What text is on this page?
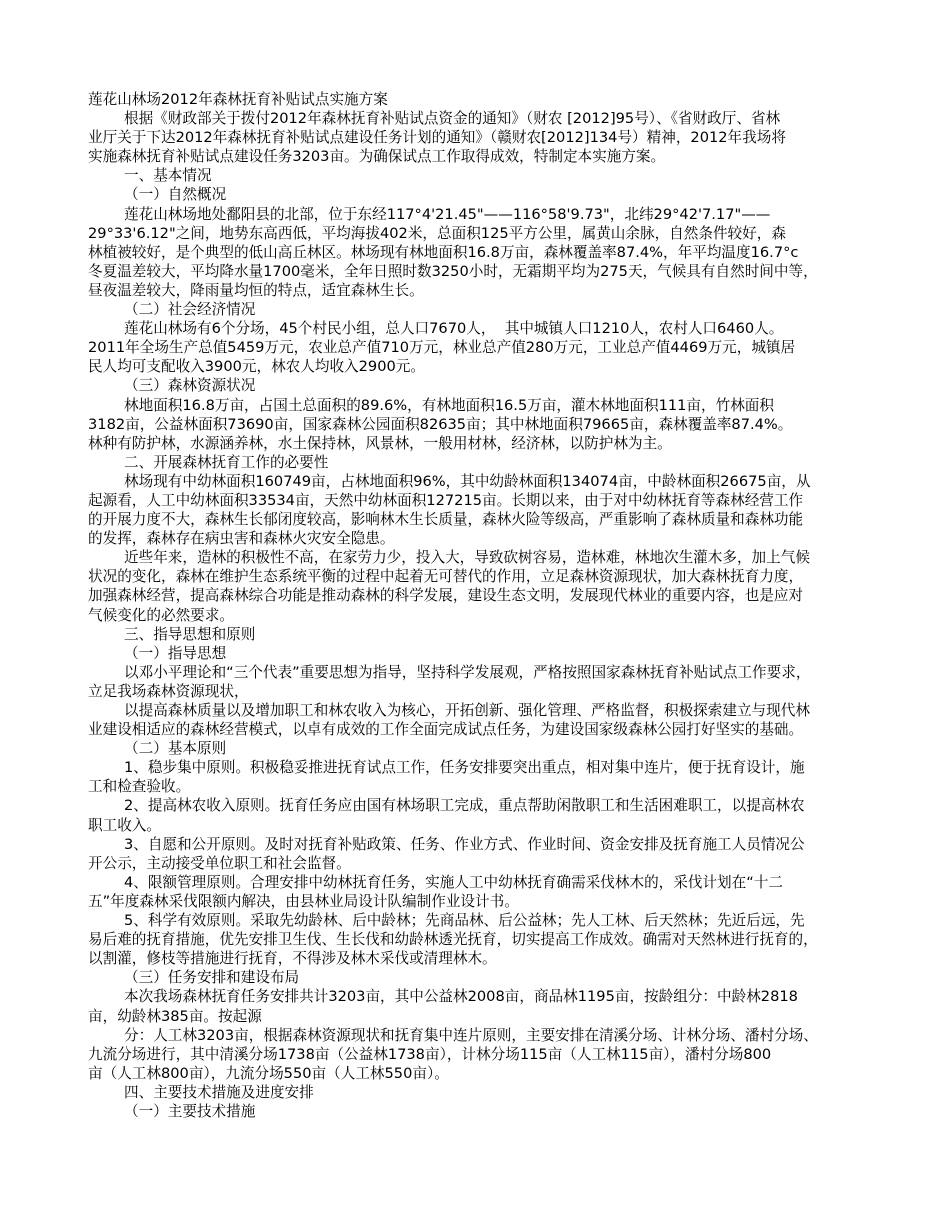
莲花山林场2012年森林抚育补贴试点实施方案
根据《财政部关于拨付2012年森林抚育补贴试点资金的通知》（财农 [2012]95号）、《省财政厅、省林
业厅关于下达2012年森林抚育补贴试点建设任务计划的通知》（赣财农[2012]134号）精神，2012年我场将
实施森林抚育补贴试点建设任务3203亩。为确保试点工作取得成效，特制定本实施方案。
一、基本情况
（一）自然概况
莲花山林场地处鄱阳县的北部，位于东经117°4'21.45"——116°58'9.73"，北纬29°42'7.17"——
29°33'6.12"之间，地势东高西低，平均海拔402米，总面积125平方公里，属黄山余脉，自然条件较好，森
林植被较好，是个典型的低山高丘林区。林场现有林地面积16.8万亩，森林覆盖率87.4%，年平均温度16.7°c
冬夏温差较大，平均降水量1700毫米，全年日照时数3250小时，无霜期平均为275天，气候具有自然时间中等，
昼夜温差较大，降雨量均恒的特点，适宜森林生长。
（二）社会经济情况
莲花山林场有6个分场，45个村民小组，总人口7670人，  其中城镇人口1210人，农村人口6460人。
2011年全场生产总值5459万元，农业总产值710万元，林业总产值280万元，工业总产值4469万元，城镇居
民人均可支配收入3900元，林农人均收入2900元。
（三）森林资源状况
林地面积16.8万亩，占国土总面积的89.6%，有林地面积16.5万亩，灌木林地面积111亩，竹林面积
3182亩，公益林面积73690亩，国家森林公园面积82635亩；其中林地面积79665亩，森林覆盖率87.4%。
林种有防护林，水源涵养林，水土保持林，风景林，一般用材林，经济林，以防护林为主。
二、开展森林抚育工作的必要性
林场现有中幼林面积160749亩，占林地面积96%，其中幼龄林面积134074亩，中龄林面积26675亩，从
起源看，人工中幼林面积33534亩，天然中幼林面积127215亩。长期以来，由于对中幼林抚育等森林经营工作
的开展力度不大，森林生长郁闭度较高，影响林木生长质量，森林火险等级高，严重影响了森林质量和森林功能
的发挥，森林存在病虫害和森林火灾安全隐患。
近些年来，造林的积极性不高，在家劳力少，投入大，导致砍树容易，造林难，林地次生灌木多，加上气候
状况的变化，森林在维护生态系统平衡的过程中起着无可替代的作用，立足森林资源现状，加大森林抚育力度，
加强森林经营，提高森林综合功能是推动森林的科学发展，建设生态文明，发展现代林业的重要内容，也是应对
气候变化的必然要求。
三、指导思想和原则
（一）指导思想
以邓小平理论和“三个代表”重要思想为指导，坚持科学发展观，严格按照国家森林抚育补贴试点工作要求，
立足我场森林资源现状，
以提高森林质量以及增加职工和林农收入为核心，开拓创新、强化管理、严格监督，积极探索建立与现代林
业建设相适应的森林经营模式，以卓有成效的工作全面完成试点任务，为建设国家级森林公园打好坚实的基础。
（二）基本原则
1、稳步集中原则。积极稳妥推进抚育试点工作，任务安排要突出重点，相对集中连片，便于抚育设计，施
工和检查验收。
2、提高林农收入原则。抚育任务应由国有林场职工完成，重点帮助闲散职工和生活困难职工，以提高林农
职工收入。
3、自愿和公开原则。及时对抚育补贴政策、任务、作业方式、作业时间、资金安排及抚育施工人员情况公
开公示，主动接受单位职工和社会监督。
4、限额管理原则。合理安排中幼林抚育任务，实施人工中幼林抚育确需采伐林木的，采伐计划在“十二
五”年度森林采伐限额内解决，由县林业局设计队编制作业设计书。
5、科学有效原则。采取先幼龄林、后中龄林；先商品林、后公益林；先人工林、后天然林；先近后远，先
易后难的抚育措施，优先安排卫生伐、生长伐和幼龄林透光抚育，切实提高工作成效。确需对天然林进行抚育的，
以割灌，修枝等措施进行抚育，不得涉及林木采伐或清理林木。
（三）任务安排和建设布局
本次我场森林抚育任务安排共计3203亩，其中公益林2008亩，商品林1195亩，按龄组分：中龄林2818
亩，幼龄林385亩。按起源
分：人工林3203亩，根据森林资源现状和抚育集中连片原则，主要安排在清溪分场、计林分场、潘村分场、
九流分场进行，其中清溪分场1738亩（公益林1738亩），计林分场115亩（人工林115亩），潘村分场800
亩（人工林800亩），九流分场550亩（人工林550亩）。
四、主要技术措施及进度安排
（一）主要技术措施
